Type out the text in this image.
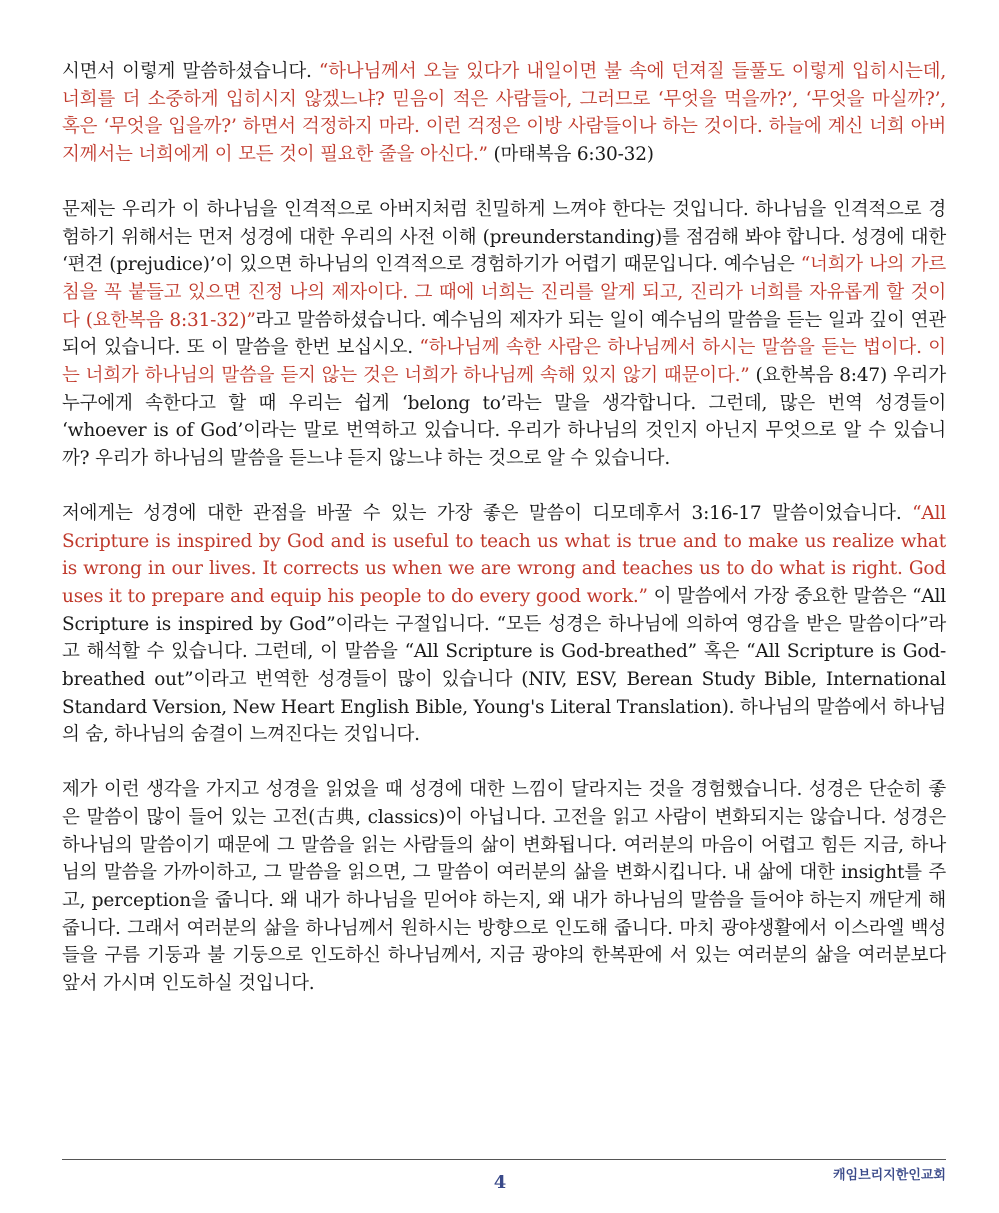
시면서 이렇게 말씀하셨습니다. “하나님께서 오늘 있다가 내일이면 불 속에 던져질 들풀도 이렇게 입히시는데, 너희를 더 소중하게 입히시지 않겠느냐? 믿음이 적은 사람들아, 그러므로 ‘무엇을 먹을까?’, ‘무엇을 마실까?’, 혹은 ‘무엇을 입을까?’ 하면서 걱정하지 마라. 이런 걱정은 이방 사람들이나 하는 것이다. 하늘에 계신 너희 아버지께서는 너희에게 이 모든 것이 필요한 줄을 아신다.” (마태복음 6:30-32)

문제는 우리가 이 하나님을 인격적으로 아버지처럼 친밀하게 느껴야 한다는 것입니다. 하나님을 인격적으로 경험하기 위해서는 먼저 성경에 대한 우리의 사전 이해 (preunderstanding)를 점검해 봐야 합니다. 성경에 대한 ‘편견 (prejudice)’이 있으면 하나님의 인격적으로 경험하기가 어렵기 때문입니다. 예수님은 “너희가 나의 가르침을 꼭 붙들고 있으면 진정 나의 제자이다. 그 때에 너희는 진리를 알게 되고, 진리가 너희를 자유롭게 할 것이다 (요한복음 8:31-32)”라고 말씀하셨습니다. 예수님의 제자가 되는 일이 예수님의 말씀을 듣는 일과 깊이 연관되어 있습니다. 또 이 말씀을 한번 보십시오. “하나님께 속한 사람은 하나님께서 하시는 말씀을 듣는 법이다. 이는 너희가 하나님의 말씀을 듣지 않는 것은 너희가 하나님께 속해 있지 않기 때문이다.” (요한복음 8:47) 우리가 누구에게 속한다고 할 때 우리는 쉽게 ‘belong to’라는 말을 생각합니다. 그런데, 많은 번역 성경들이 ‘whoever is of God’이라는 말로 번역하고 있습니다. 우리가 하나님의 것인지 아닌지 무엇으로 알 수 있습니까? 우리가 하나님의 말씀을 듣느냐 듣지 않느냐 하는 것으로 알 수 있습니다.

저에게는 성경에 대한 관점을 바꿀 수 있는 가장 좋은 말씀이 디모데후서 3:16-17 말씀이었습니다. “All Scripture is inspired by God and is useful to teach us what is true and to make us realize what is wrong in our lives. It corrects us when we are wrong and teaches us to do what is right. God uses it to prepare and equip his people to do every good work.” 이 말씀에서 가장 중요한 말씀은 “All Scripture is inspired by God”이라는 구절입니다. “모든 성경은 하나님에 의하여 영감을 받은 말씀이다”라고 해석할 수 있습니다. 그런데, 이 말씀을 “All Scripture is God-breathed” 혹은 “All Scripture is God-breathed out”이라고 번역한 성경들이 많이 있습니다 (NIV, ESV, Berean Study Bible, International Standard Version, New Heart English Bible, Young's Literal Translation). 하나님의 말씀에서 하나님의 숨, 하나님의 숨결이 느껴진다는 것입니다.

제가 이런 생각을 가지고 성경을 읽었을 때 성경에 대한 느낌이 달라지는 것을 경험했습니다. 성경은 단순히 좋은 말씀이 많이 들어 있는 고전(古典, classics)이 아닙니다. 고전을 읽고 사람이 변화되지는 않습니다. 성경은 하나님의 말씀이기 때문에 그 말씀을 읽는 사람들의 삶이 변화됩니다. 여러분의 마음이 어렵고 힘든 지금, 하나님의 말씀을 가까이하고, 그 말씀을 읽으면, 그 말씀이 여러분의 삶을 변화시킵니다. 내 삶에 대한 insight를 주고, perception을 줍니다. 왜 내가 하나님을 믿어야 하는지, 왜 내가 하나님의 말씀을 들어야 하는지 깨닫게 해 줍니다. 그래서 여러분의 삶을 하나님께서 원하시는 방향으로 인도해 줍니다. 마치 광야생활에서 이스라엘 백성들을 구름 기둥과 불 기둥으로 인도하신 하나님께서, 지금 광야의 한복판에 서 있는 여러분의 삶을 여러분보다 앞서 가시며 인도하실 것입니다.

4	캐임브리지한인교회
